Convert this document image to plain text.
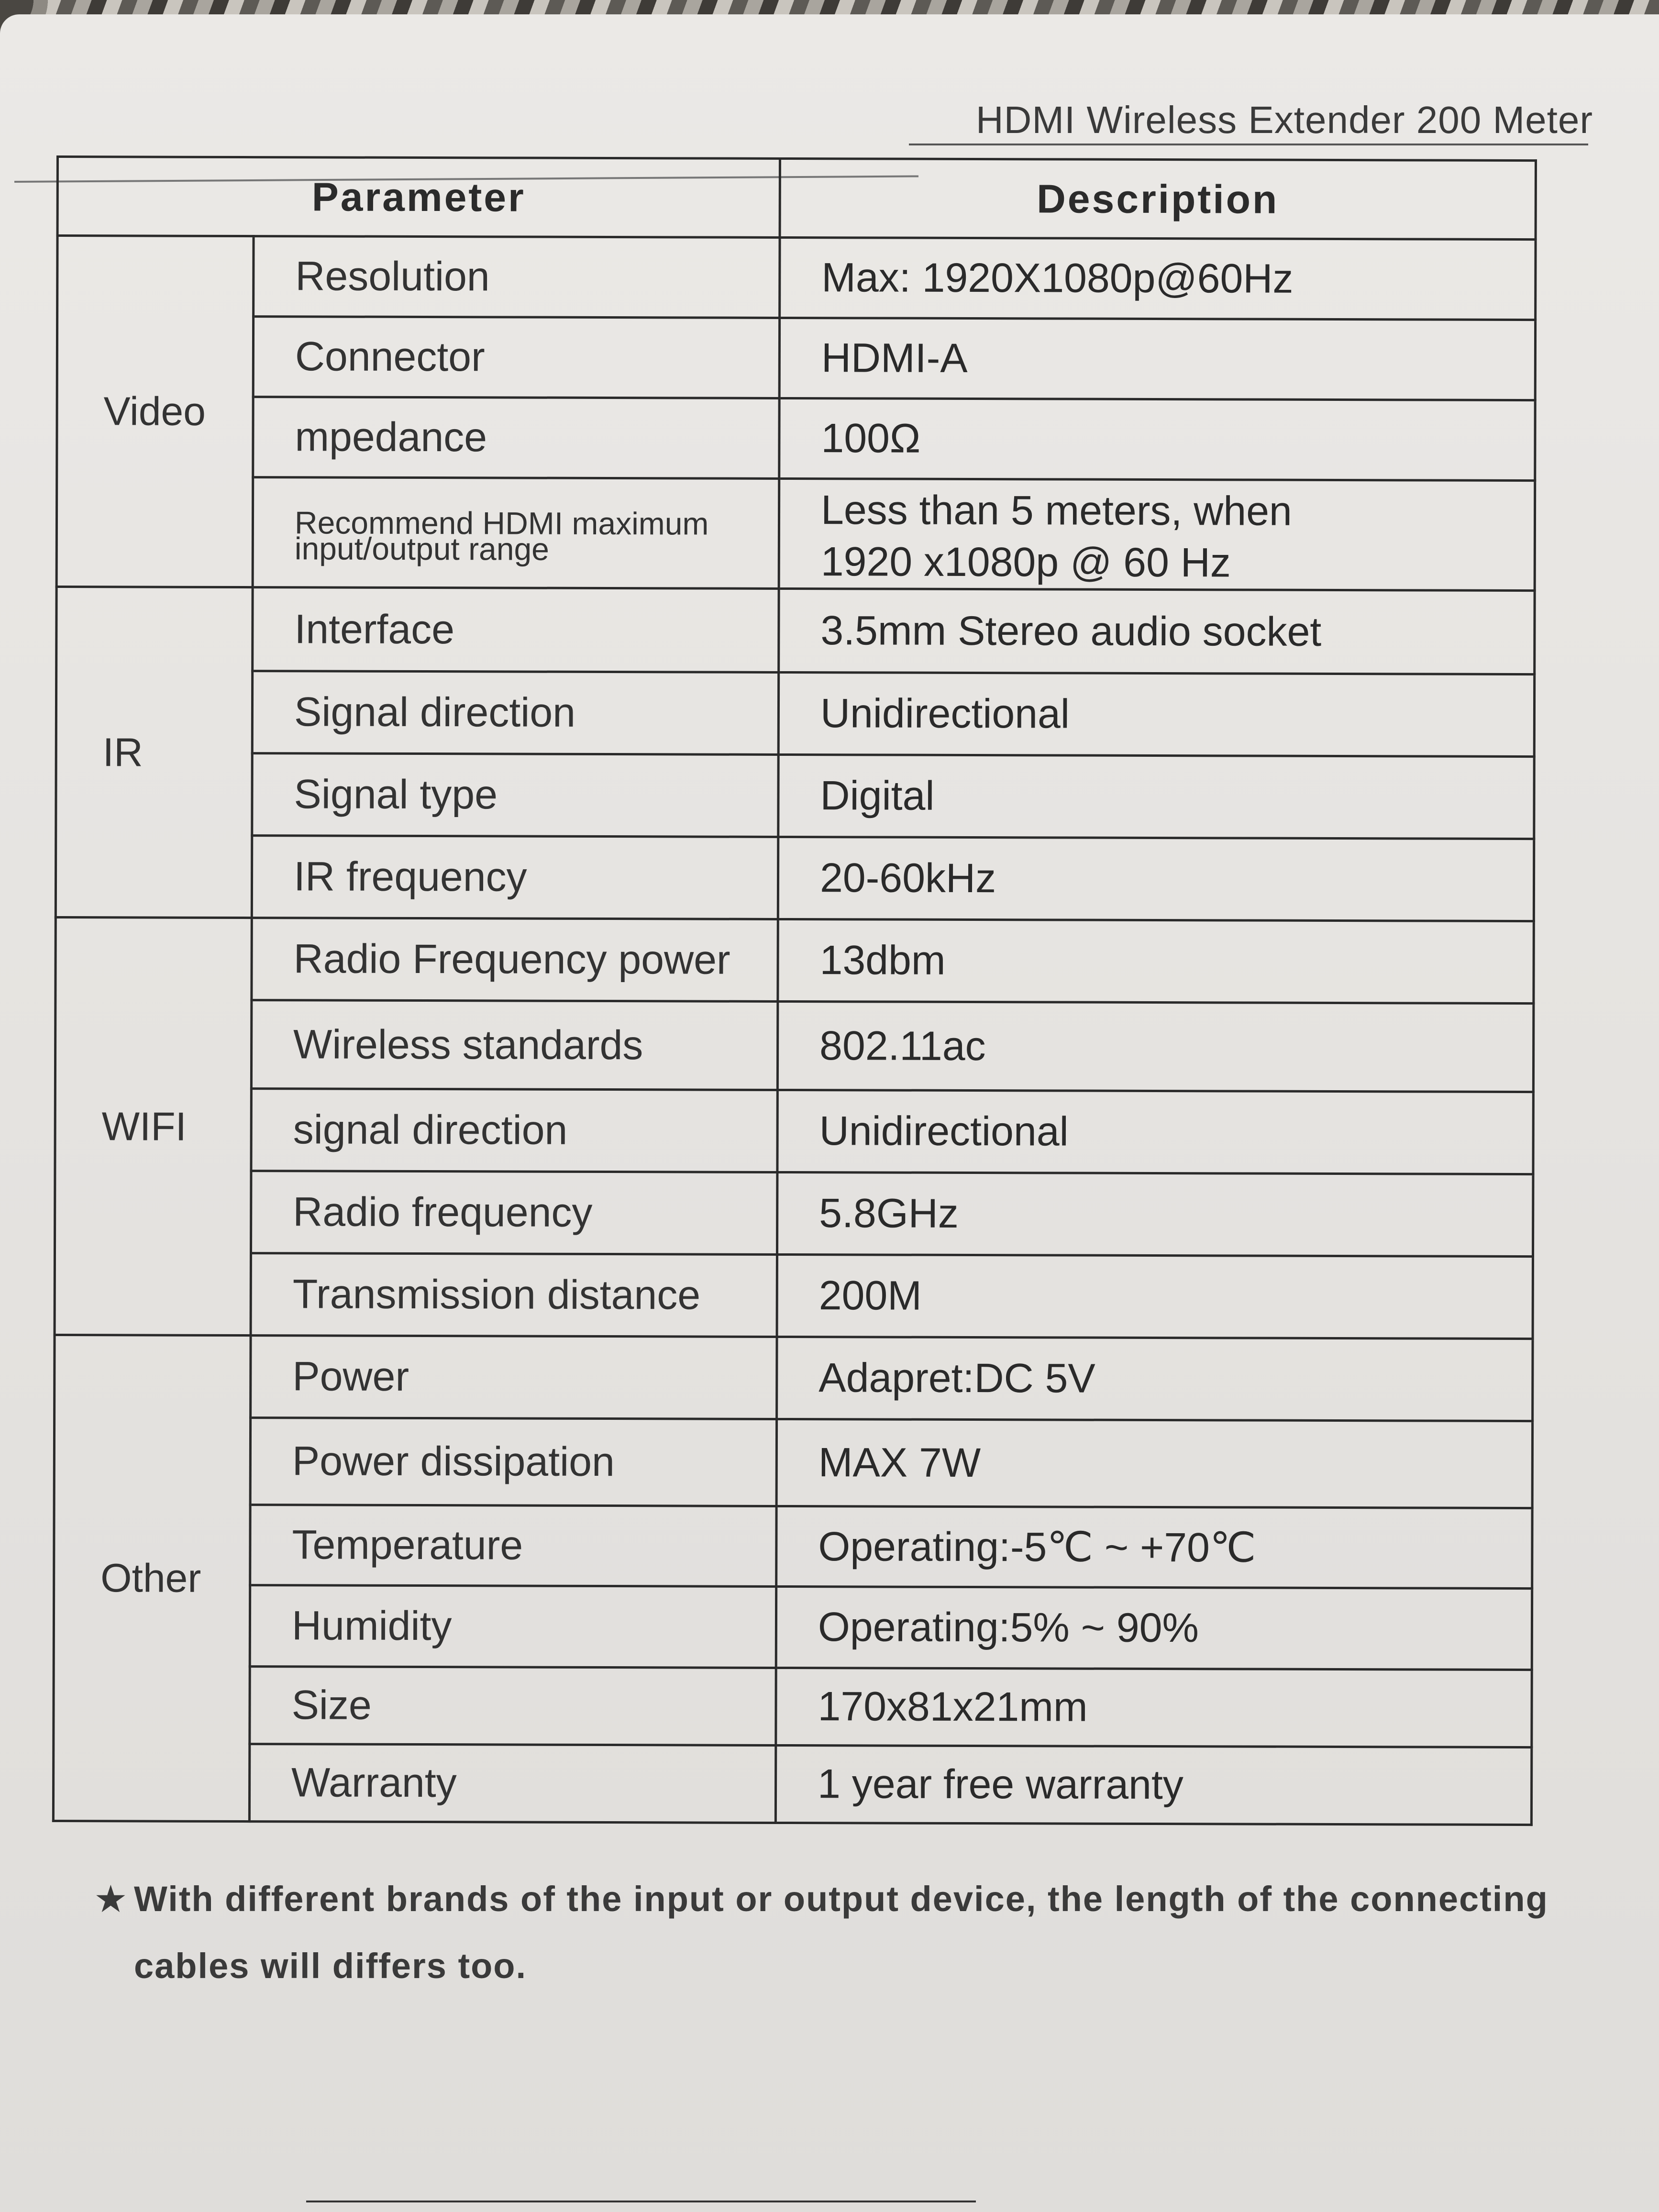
HDMI Wireless Extender 200 Meter
Parameter		Description
Video	Resolution	Max: 1920X1080p@60Hz
	Connector	HDMI-A
	mpedance	100Ω
	Recommend HDMI maximum input/output range	Less than 5 meters, when
1920 x1080p @ 60 Hz

IR	Interface	3.5mm Stereo audio socket
	Signal direction	Unidirectional
	Signal type	Digital
	IR frequency	20-60kHz
WIFI	Radio Frequency power	13dbm
	Wireless standards	802.11ac
	signal direction	Unidirectional
	Radio frequency	5.8GHz
	Transmission distance	200M
Other	Power	Adapret:DC 5V
	Power dissipation	MAX 7W
	Temperature	Operating:-5℃ ~ +70℃
	Humidity	Operating:5% ~ 90%
	Size	170x81x21mm
	Warranty	1 year free warranty
★ With different brands of the input or output device, the length of the connecting cables will differs too.
